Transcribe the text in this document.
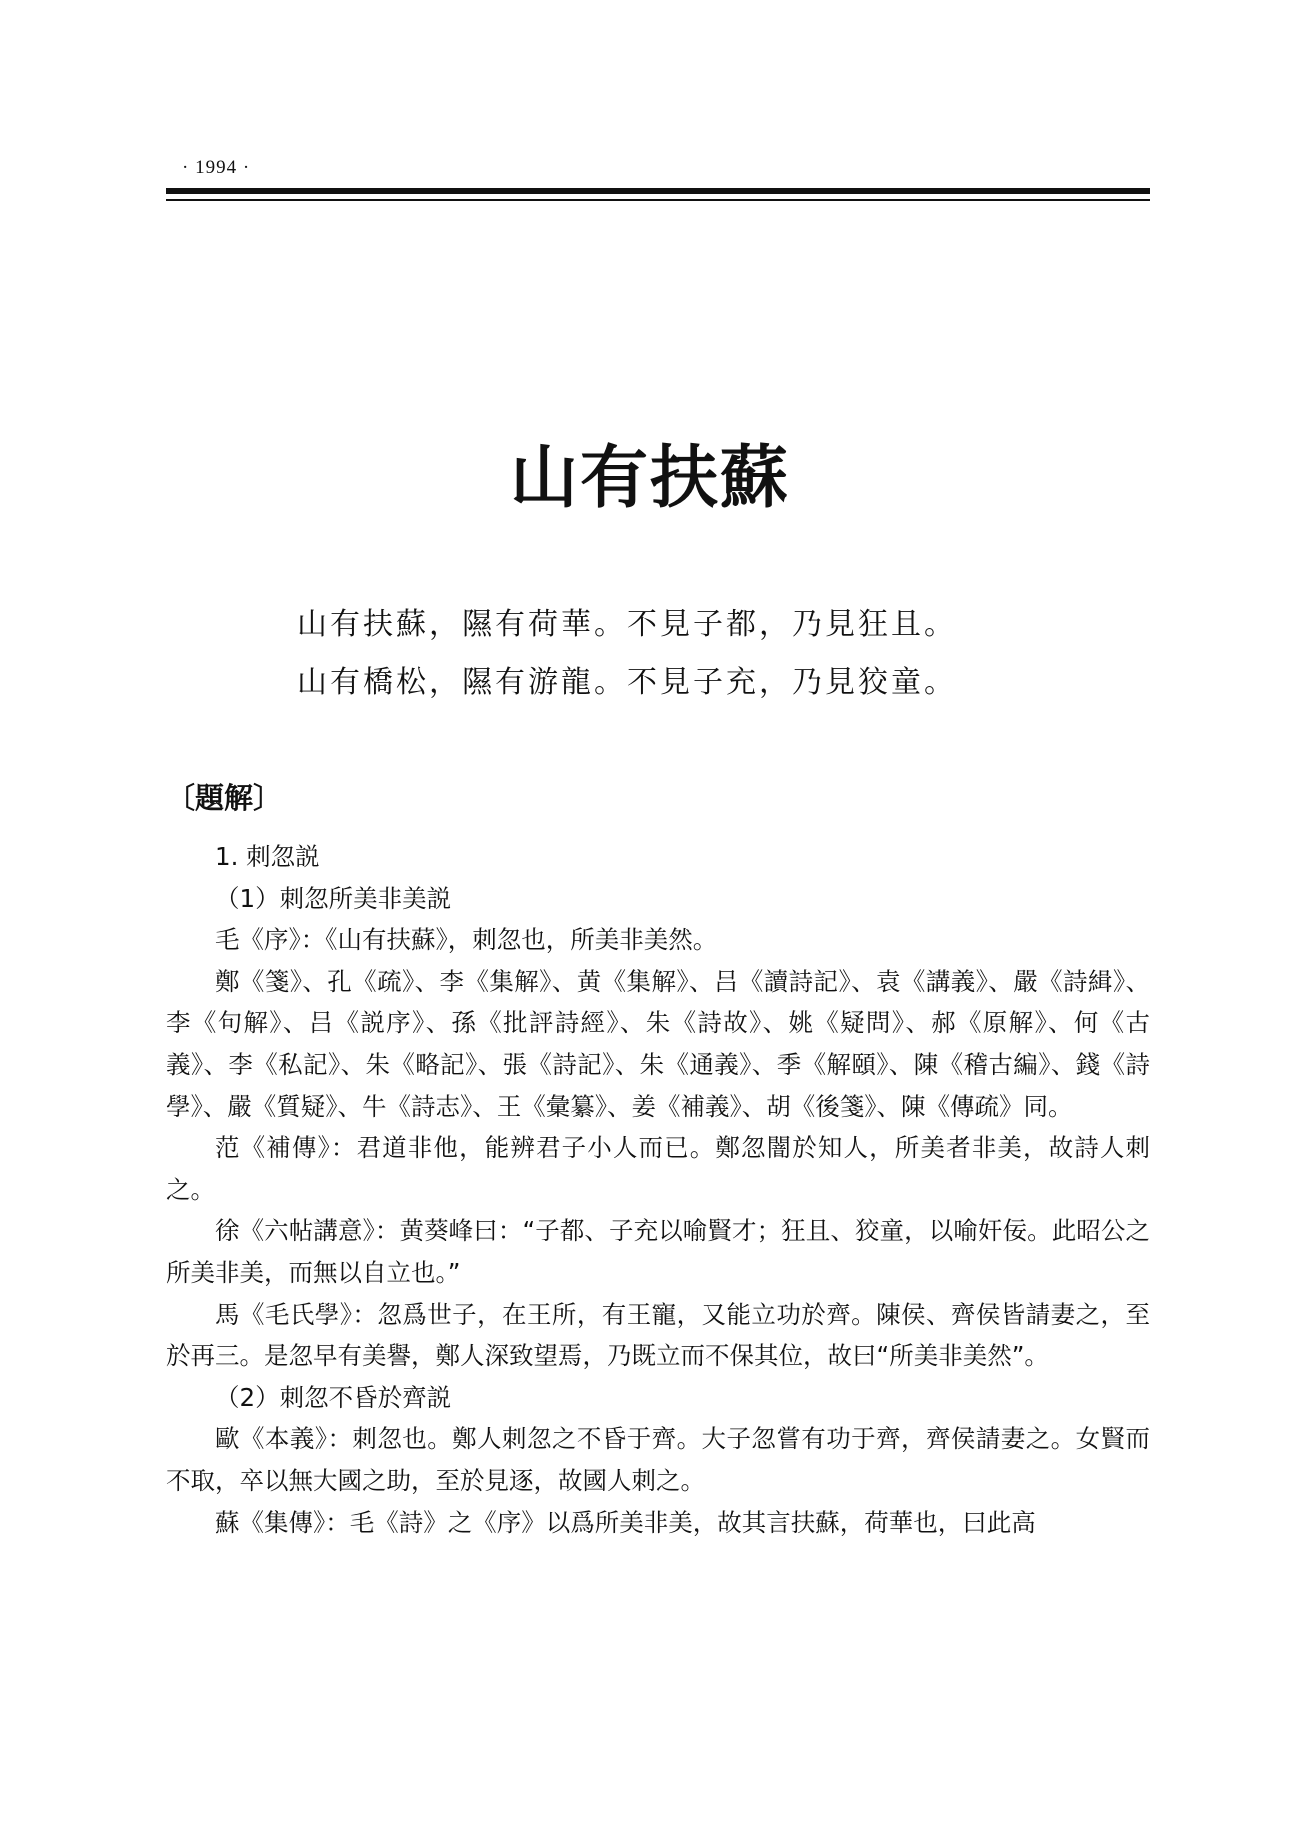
· 1994 ·
山有扶蘇
山有扶蘇，隰有荷華。不見子都，乃見狂且。
山有橋松，隰有游龍。不見子充，乃見狡童。
〔題解〕

1. 刺忽説

（1）刺忽所美非美説

毛《序》：《山有扶蘇》，刺忽也，所美非美然。

鄭《箋》、孔《疏》、李《集解》、黄《集解》、吕《讀詩記》、袁《講義》、嚴《詩緝》、李《句解》、吕《説序》、孫《批評詩經》、朱《詩故》、姚《疑問》、郝《原解》、何《古義》、李《私記》、朱《略記》、張《詩記》、朱《通義》、季《解頤》、陳《稽古編》、錢《詩學》、嚴《質疑》、牛《詩志》、王《彙纂》、姜《補義》、胡《後箋》、陳《傳疏》同。

范《補傳》：君道非他，能辨君子小人而已。鄭忽闇於知人，所美者非美，故詩人刺之。

徐《六帖講意》：黄葵峰曰：“子都、子充以喻賢才；狂且、狡童，以喻奸佞。此昭公之所美非美，而無以自立也。”

馬《毛氏學》：忽爲世子，在王所，有王寵，又能立功於齊。陳侯、齊侯皆請妻之，至於再三。是忽早有美譽，鄭人深致望焉，乃既立而不保其位，故曰“所美非美然”。

（2）刺忽不昏於齊説

歐《本義》：刺忽也。鄭人刺忽之不昏于齊。大子忽嘗有功于齊，齊侯請妻之。女賢而不取，卒以無大國之助，至於見逐，故國人刺之。

蘇《集傳》：毛《詩》之《序》以爲所美非美，故其言扶蘇，荷華也，曰此高
